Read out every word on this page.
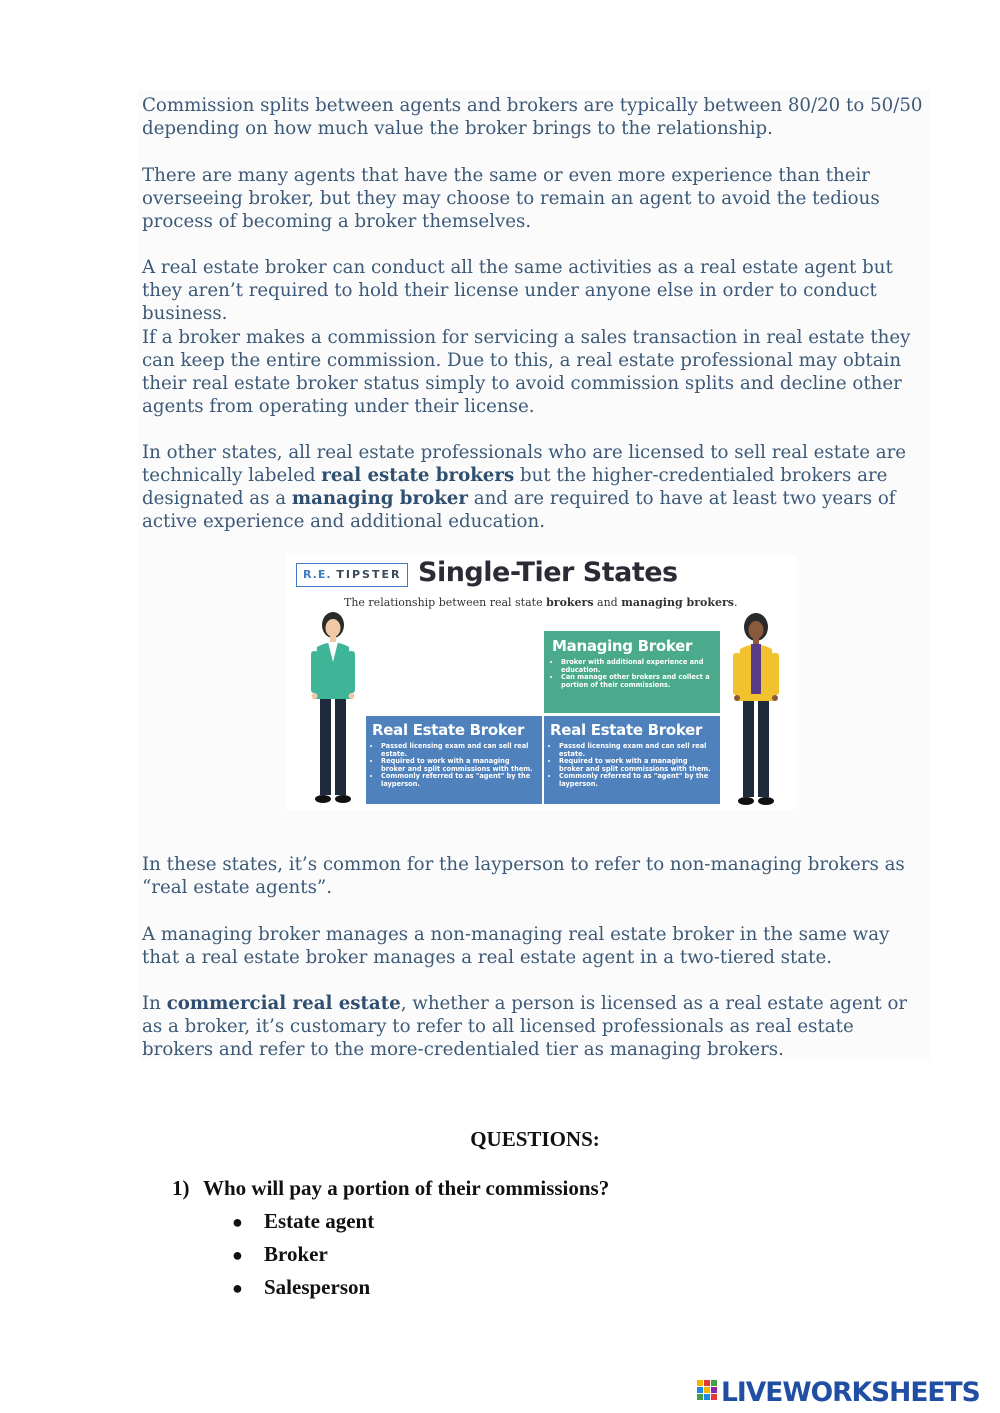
Commission splits between agents and brokers are typically between 80/20 to 50/50 depending on how much value the broker brings to the relationship.

There are many agents that have the same or even more experience than their overseeing broker, but they may choose to remain an agent to avoid the tedious process of becoming a broker themselves.

A real estate broker can conduct all the same activities as a real estate agent but they aren’t required to hold their license under anyone else in order to conduct business.

If a broker makes a commission for servicing a sales transaction in real estate they can keep the entire commission. Due to this, a real estate professional may obtain their real estate broker status simply to avoid commission splits and decline other agents from operating under their license.

In other states, all real estate professionals who are licensed to sell real estate are technically labeled real estate brokers but the higher-credentialed brokers are designated as a managing broker and are required to have at least two years of active experience and additional education.

R.E. TIPSTER Single-Tier States

The relationship between real state brokers and managing brokers.

Managing Broker
• Broker with additional experience and education.
• Can manage other brokers and collect a portion of their commissions.
Real Estate Broker
• Passed licensing exam and can sell real estate.
• Required to work with a managing broker and split commissions with them.
• Commonly referred to as "agent" by the layperson.
Real Estate Broker
• Passed licensing exam and can sell real estate.
• Required to work with a managing broker and split commissions with them.
• Commonly referred to as "agent" by the layperson.

In these states, it’s common for the layperson to refer to non-managing brokers as “real estate agents”.

A managing broker manages a non-managing real estate broker in the same way that a real estate broker manages a real estate agent in a two-tiered state.

In commercial real estate, whether a person is licensed as a real estate agent or as a broker, it’s customary to refer to all licensed professionals as real estate brokers and refer to the more-credentialed tier as managing brokers.

QUESTIONS:

1) Who will pay a portion of their commissions?

● Estate agent
● Broker
● Salesperson
LIVEWORKSHEETS
